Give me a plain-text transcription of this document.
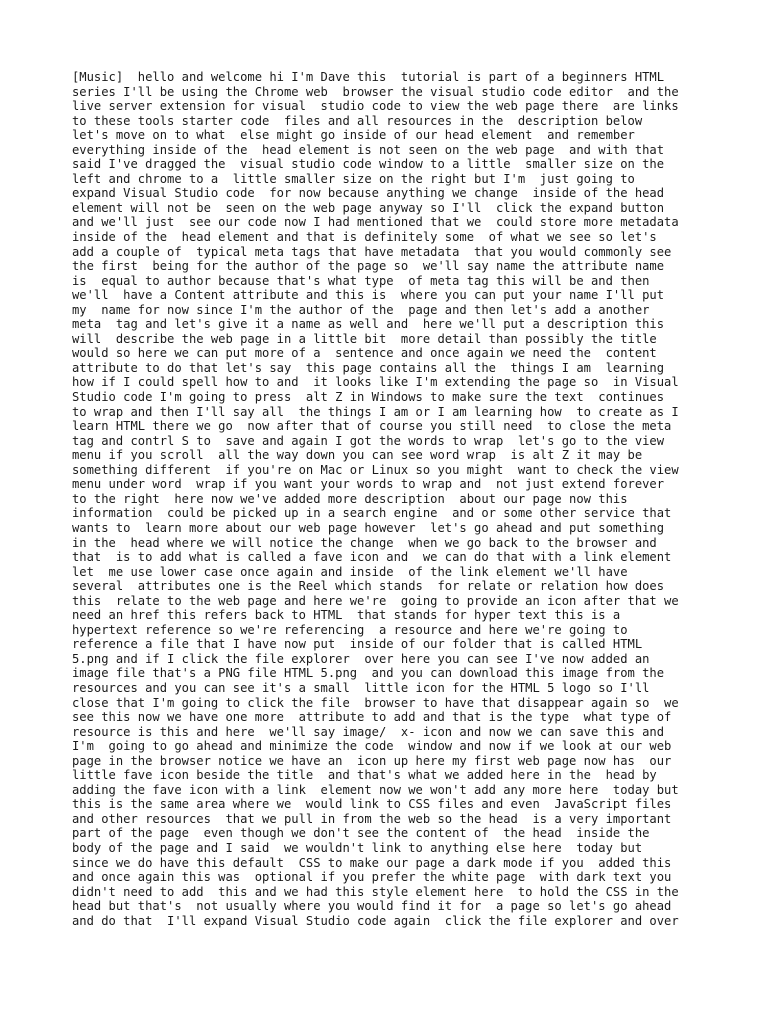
[Music]  hello and welcome hi I'm Dave this  tutorial is part of a beginners HTML
series I'll be using the Chrome web  browser the visual studio code editor  and the
live server extension for visual  studio code to view the web page there  are links
to these tools starter code  files and all resources in the  description below
let's move on to what  else might go inside of our head element  and remember
everything inside of the  head element is not seen on the web page  and with that
said I've dragged the  visual studio code window to a little  smaller size on the
left and chrome to a  little smaller size on the right but I'm  just going to
expand Visual Studio code  for now because anything we change  inside of the head
element will not be  seen on the web page anyway so I'll  click the expand button
and we'll just  see our code now I had mentioned that we  could store more metadata
inside of the  head element and that is definitely some  of what we see so let's
add a couple of  typical meta tags that have metadata  that you would commonly see
the first  being for the author of the page so  we'll say name the attribute name
is  equal to author because that's what type  of meta tag this will be and then
we'll  have a Content attribute and this is  where you can put your name I'll put
my  name for now since I'm the author of the  page and then let's add a another
meta  tag and let's give it a name as well and  here we'll put a description this
will  describe the web page in a little bit  more detail than possibly the title
would so here we can put more of a  sentence and once again we need the  content
attribute to do that let's say  this page contains all the  things I am  learning
how if I could spell how to and  it looks like I'm extending the page so  in Visual
Studio code I'm going to press  alt Z in Windows to make sure the text  continues
to wrap and then I'll say all  the things I am or I am learning how  to create as I
learn HTML there we go  now after that of course you still need  to close the meta
tag and contrl S to  save and again I got the words to wrap  let's go to the view
menu if you scroll  all the way down you can see word wrap  is alt Z it may be
something different  if you're on Mac or Linux so you might  want to check the view
menu under word  wrap if you want your words to wrap and  not just extend forever
to the right  here now we've added more description  about our page now this
information  could be picked up in a search engine  and or some other service that
wants to  learn more about our web page however  let's go ahead and put something
in the  head where we will notice the change  when we go back to the browser and
that  is to add what is called a fave icon and  we can do that with a link element
let  me use lower case once again and inside  of the link element we'll have
several  attributes one is the Reel which stands  for relate or relation how does
this  relate to the web page and here we're  going to provide an icon after that we
need an href this refers back to HTML  that stands for hyper text this is a
hypertext reference so we're referencing  a resource and here we're going to
reference a file that I have now put  inside of our folder that is called HTML
5.png and if I click the file explorer  over here you can see I've now added an
image file that's a PNG file HTML 5.png  and you can download this image from the
resources and you can see it's a small  little icon for the HTML 5 logo so I'll
close that I'm going to click the file  browser to have that disappear again so  we
see this now we have one more  attribute to add and that is the type  what type of
resource is this and here  we'll say image/  x- icon and now we can save this and
I'm  going to go ahead and minimize the code  window and now if we look at our web
page in the browser notice we have an  icon up here my first web page now has  our
little fave icon beside the title  and that's what we added here in the  head by
adding the fave icon with a link  element now we won't add any more here  today but
this is the same area where we  would link to CSS files and even  JavaScript files
and other resources  that we pull in from the web so the head  is a very important
part of the page  even though we don't see the content of  the head  inside the
body of the page and I said  we wouldn't link to anything else here  today but
since we do have this default  CSS to make our page a dark mode if you  added this
and once again this was  optional if you prefer the white page  with dark text you
didn't need to add  this and we had this style element here  to hold the CSS in the
head but that's  not usually where you would find it for  a page so let's go ahead
and do that  I'll expand Visual Studio code again  click the file explorer and over
